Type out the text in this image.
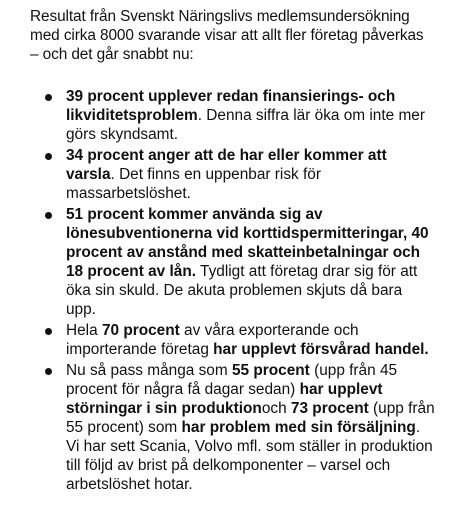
Resultat från Svenskt Näringslivs medlemsundersökning med cirka 8000 svarande visar att allt fler företag påverkas – och det går snabbt nu:

39 procent upplever redan finansierings- och likviditetsproblem. Denna siffra lär öka om inte mer görs skyndsamt.
34 procent anger att de har eller kommer att varsla. Det finns en uppenbar risk för massarbetslöshet.
51 procent kommer använda sig av lönesubventionerna vid korttidspermitteringar, 40 procent av anstånd med skatteinbetalningar och 18 procent av lån. Tydligt att företag drar sig för att öka sin skuld. De akuta problemen skjuts då bara upp.
Hela 70 procent av våra exporterande och importerande företag har upplevt försvårad handel.
Nu så pass många som 55 procent (upp från 45 procent för några få dagar sedan) har upplevt störningar i sin produktionoch 73 procent (upp från 55 procent) som har problem med sin försäljning. Vi har sett Scania, Volvo mfl. som ställer in produktion till följd av brist på delkomponenter – varsel och arbetslöshet hotar.
